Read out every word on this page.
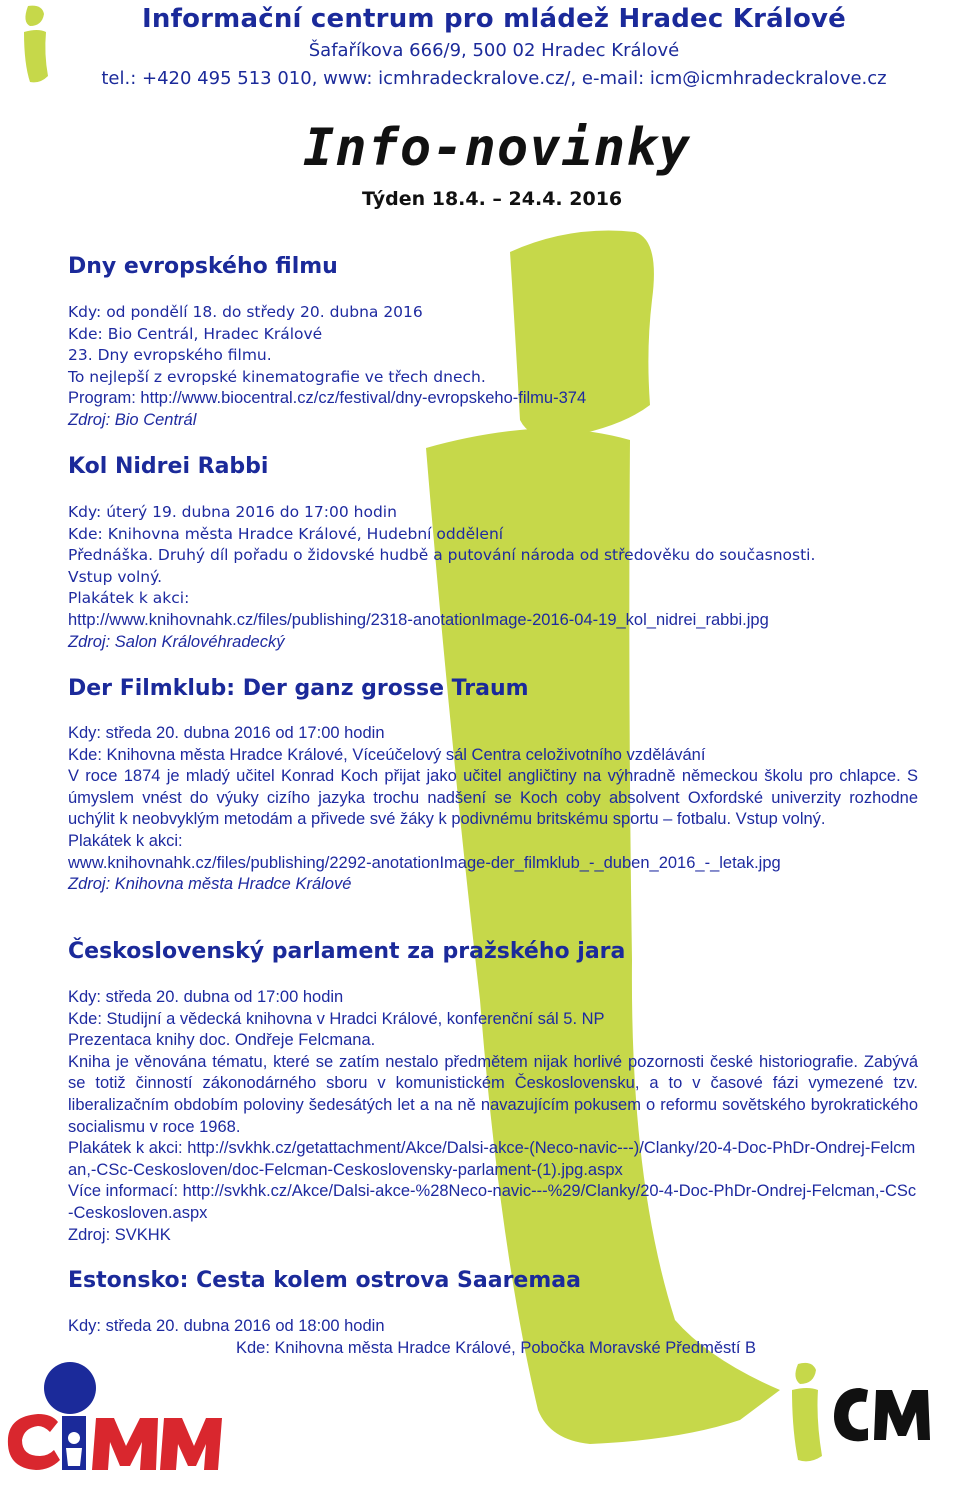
Informační centrum pro mládež Hradec Králové
Šafaříkova 666/9, 500 02 Hradec Králové
tel.: +420 495 513 010, www: icmhradeckralove.cz/, e-mail: icm@icmhradeckralove.cz
Info-novinky
Týden 18.4. – 24.4. 2016
Dny evropského filmu

Kdy: od pondělí 18. do středy 20. dubna 2016

Kde: Bio Centrál, Hradec Králové

23. Dny evropského filmu.

To nejlepší z evropské kinematografie ve třech dnech.

Program: http://www.biocentral.cz/cz/festival/dny-evropskeho-filmu-374

Zdroj: Bio Centrál

Kol Nidrei Rabbi

Kdy: úterý 19. dubna 2016 do 17:00 hodin

Kde: Knihovna města Hradce Králové, Hudební oddělení

Přednáška. Druhý díl pořadu o židovské hudbě a putování národa od středověku do současnosti.

Vstup volný.

Plakátek k akci:

http://www.knihovnahk.cz/files/publishing/2318-anotationImage-2016-04-19_kol_nidrei_rabbi.jpg

Zdroj: Salon Královéhradecký

Der Filmklub: Der ganz grosse Traum

Kdy: středa 20. dubna 2016 od 17:00 hodin

Kde: Knihovna města Hradce Králové, Víceúčelový sál Centra celoživotního vzdělávání

V roce 1874 je mladý učitel Konrad Koch přijat jako učitel angličtiny na výhradně německou školu pro chlapce. S úmyslem vnést do výuky cizího jazyka trochu nadšení se Koch coby absolvent Oxfordské univerzity rozhodne uchýlit k neobvyklým metodám a přivede své žáky k podivnému britskému sportu – fotbalu. Vstup volný.

Plakátek k akci:

www.knihovnahk.cz/files/publishing/2292-anotationImage-der_filmklub_-_duben_2016_-_letak.jpg

Zdroj: Knihovna města Hradce Králové

Československý parlament za pražského jara

Kdy: středa 20. dubna od 17:00 hodin

Kde: Studijní a vědecká knihovna v Hradci Králové, konferenční sál 5. NP

Prezentaca knihy doc. Ondřeje Felcmana.

Kniha je věnována tématu, které se zatím nestalo předmětem nijak horlivé pozornosti české historiografie. Zabývá se totiž činností zákonodárného sboru v komunistickém Československu, a to v časové fázi vymezené tzv. liberalizačním obdobím poloviny šedesátých let a na ně navazujícím pokusem o reformu sovětského byrokratického socialismu v roce 1968.

Plakátek k akci: http://svkhk.cz/getattachment/Akce/Dalsi-akce-(Neco-navic---)/Clanky/20-4-Doc-PhDr-Ondrej-Felcman,-CSc-Ceskosloven/doc-Felcman-Ceskoslovensky-parlament-(1).jpg.aspx

Více informací: http://svkhk.cz/Akce/Dalsi-akce-%28Neco-navic---%29/Clanky/20-4-Doc-PhDr-Ondrej-Felcman,-CSc-Ceskosloven.aspx

Zdroj: SVKHK

Estonsko: Cesta kolem ostrova Saaremaa

Kdy: středa 20. dubna 2016 od 18:00 hodin

Kde: Knihovna města Hradce Králové, Pobočka Moravské Předměstí B
